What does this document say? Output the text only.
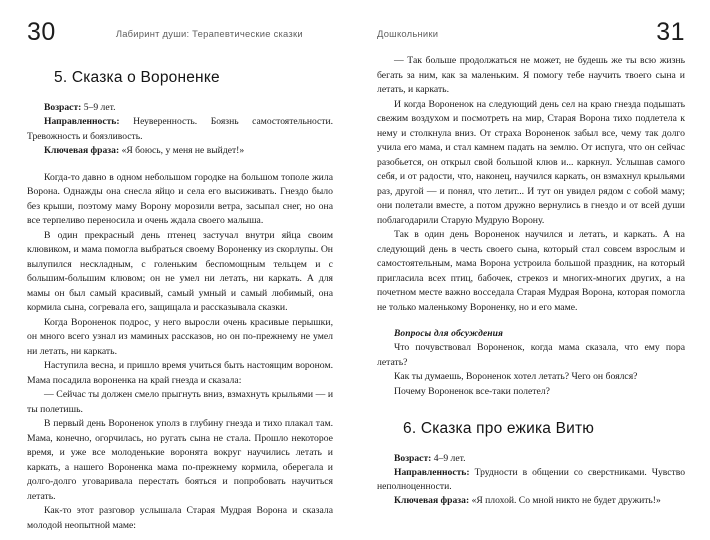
30	Лабиринт души: Терапевтические сказки
5. Сказка о Вороненке

Возраст: 5–9 лет.

Направленность: Неуверенность. Боязнь самостоятельности. Тревожность и боязливость.

Ключевая фраза: «Я боюсь, у меня не выйдет!»

Когда-то давно в одном небольшом городке на большом тополе жила Ворона. Однажды она снесла яйцо и села его высиживать. Гнездо было без крыши, поэтому маму Ворону морозили ветра, засыпал снег, но она все терпеливо переносила и очень ждала своего малыша.

В один прекрасный день птенец застучал внутри яйца своим клювиком, и мама помогла выбраться своему Вороненку из скорлупы. Он вылупился нескладным, с голеньким беспомощным тельцем и с большим-большим клювом; он не умел ни летать, ни каркать. А для мамы он был самый красивый, самый умный и самый любимый, она кормила сына, согревала его, защищала и рассказывала сказки.

Когда Вороненок подрос, у него выросли очень красивые перышки, он много всего узнал из маминых рассказов, но он по-прежнему не умел ни летать, ни каркать.

Наступила весна, и пришло время учиться быть настоящим вороном. Мама посадила вороненка на край гнезда и сказала:

— Сейчас ты должен смело прыгнуть вниз, взмахнуть крыльями — и ты полетишь.

В первый день Вороненок уполз в глубину гнезда и тихо плакал там. Мама, конечно, огорчилась, но ругать сына не стала. Прошло некоторое время, и уже все молоденькие воронята вокруг научились летать и каркать, а нашего Вороненка мама по-прежнему кормила, оберегала и долго-долго уговаривала перестать бояться и попробовать научиться летать.

Как-то этот разговор услышала Старая Мудрая Ворона и сказала молодой неопытной маме:

Дошкольники	31

— Так больше продолжаться не может, не будешь же ты всю жизнь бегать за ним, как за маленьким. Я помогу тебе научить твоего сына и летать, и каркать.

И когда Вороненок на следующий день сел на краю гнезда подышать свежим воздухом и посмотреть на мир, Старая Ворона тихо подлетела к нему и столкнула вниз. От страха Вороненок забыл все, чему так долго учила его мама, и стал камнем падать на землю. От испуга, что он сейчас разобьется, он открыл свой большой клюв и... каркнул. Услышав самого себя, и от радости, что, наконец, научился каркать, он взмахнул крыльями раз, другой — и понял, что летит... И тут он увидел рядом с собой маму; они полетали вместе, а потом дружно вернулись в гнездо и от всей души поблагодарили Старую Мудрую Ворону.

Так в один день Вороненок научился и летать, и каркать. А на следующий день в честь своего сына, который стал совсем взрослым и самостоятельным, мама Ворона устроила большой праздник, на который пригласила всех птиц, бабочек, стрекоз и многих-многих других, а на почетном месте важно восседала Старая Мудрая Ворона, которая помогла не только маленькому Вороненку, но и его маме.

Вопросы для обсуждения

Что почувствовал Вороненок, когда мама сказала, что ему пора летать?

Как ты думаешь, Вороненок хотел летать? Чего он боялся?

Почему Вороненок все-таки полетел?

6. Сказка про ежика Витю

Возраст: 4–9 лет.

Направленность: Трудности в общении со сверстниками. Чувство неполноценности.

Ключевая фраза: «Я плохой. Со мной никто не будет дружить!»
